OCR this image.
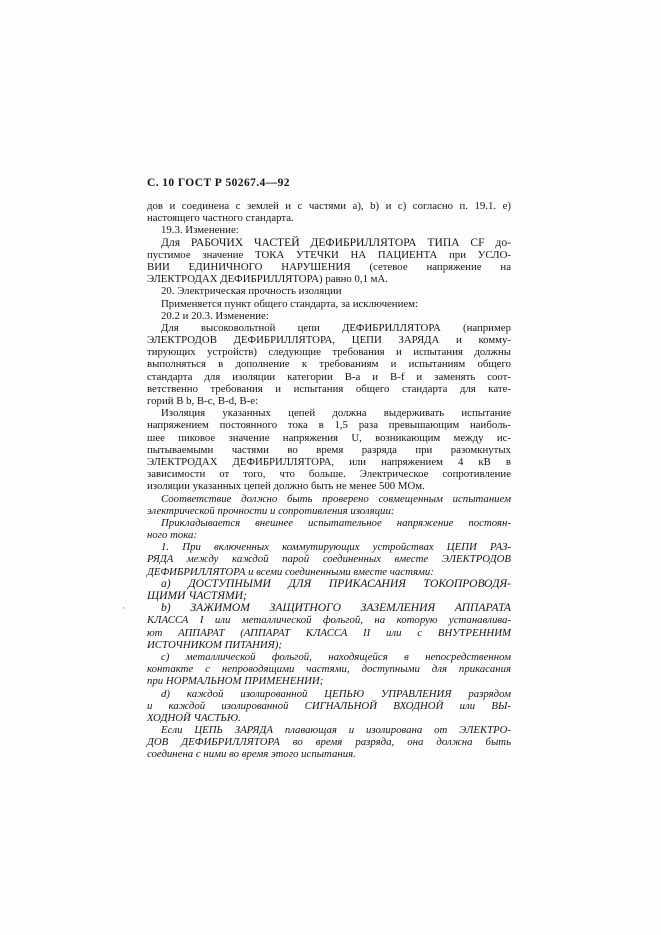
С. 10 ГОСТ Р 50267.4—92
·
дов и соединена с землей и с частями а), b) и с) согласно п. 19.1. е)
настоящего частного стандарта.
19.3. Изменение:
Для РАБОЧИХ ЧАСТЕЙ ДЕФИБРИЛЛЯТОРА ТИПА CF до-
пустимое значение ТОКА УТЕЧКИ НА ПАЦИЕНТА при УСЛО-
ВИИ ЕДИНИЧНОГО НАРУШЕНИЯ (сетевое напряжение на
ЭЛЕКТРОДАХ ДЕФИБРИЛЛЯТОРА) равно 0,1 мА.
20. Электрическая прочность изоляции
Применяется пункт общего стандарта, за исключением:
20.2 и 20.3. Изменение:
Для высоковольтной цепи ДЕФИБРИЛЛЯТОРА (например
ЭЛЕКТРОДОВ ДЕФИБРИЛЛЯТОРА, ЦЕПИ ЗАРЯДА и комму-
тирующих устройств) следующие требования и испытания должны
выполняться в дополнение к требованиям и испытаниям общего
стандарта для изоляции категории В-а и В-f и заменять соот-
ветственно требования и испытания общего стандарта для кате-
горий В b, В-с, В-d, В-е:
Изоляция указанных цепей должна выдерживать испытание
напряжением постоянного тока в 1,5 раза превышающим наиболь-
шее пиковое значение напряжения U, возникающим между ис-
пытываемыми частями во время разряда при разомкнутых
ЭЛЕКТРОДАХ ДЕФИБРИЛЛЯТОРА, или напряжением 4 кВ в
зависимости от того, что больше. Электрическое сопротивление
изоляции указанных цепей должно быть не менее 500 МОм.
Соответствие должно быть проверено совмещенным испытанием
электрической прочности и сопротивления изоляции:
Прикладывается внешнее испытательное напряжение постоян-
ного тока:
1. При включенных коммутирующих устройствах ЦЕПИ РАЗ-
РЯДА между каждой парой соединенных вместе ЭЛЕКТРОДОВ
ДЕФИБРИЛЛЯТОРА и всеми соединенными вместе частями:
а) ДОСТУПНЫМИ ДЛЯ ПРИКАСАНИЯ ТОКОПРОВОДЯ-
ЩИМИ ЧАСТЯМИ;
b) ЗАЖИМОМ ЗАЩИТНОГО ЗАЗЕМЛЕНИЯ АППАРАТА
КЛАССА I или металлической фольгой, на которую устанавлива-
ют АППАРАТ (АППАРАТ КЛАССА II или с ВНУТРЕННИМ
ИСТОЧНИКОМ ПИТАНИЯ);
с) металлической фольгой, находящейся в непосредственном
контакте с непроводящими частями, доступными для прикасания
при НОРМАЛЬНОМ ПРИМЕНЕНИИ;
d) каждой изолированной ЦЕПЬЮ УПРАВЛЕНИЯ разрядом
и каждой изолированной СИГНАЛЬНОЙ ВХОДНОЙ или ВЫ-
ХОДНОЙ ЧАСТЬЮ.
Если ЦЕПЬ ЗАРЯДА плавающая и изолирована от ЭЛЕКТРО-
ДОВ ДЕФИБРИЛЛЯТОРА во время разряда, она должна быть
соединена с ними во время этого испытания.
